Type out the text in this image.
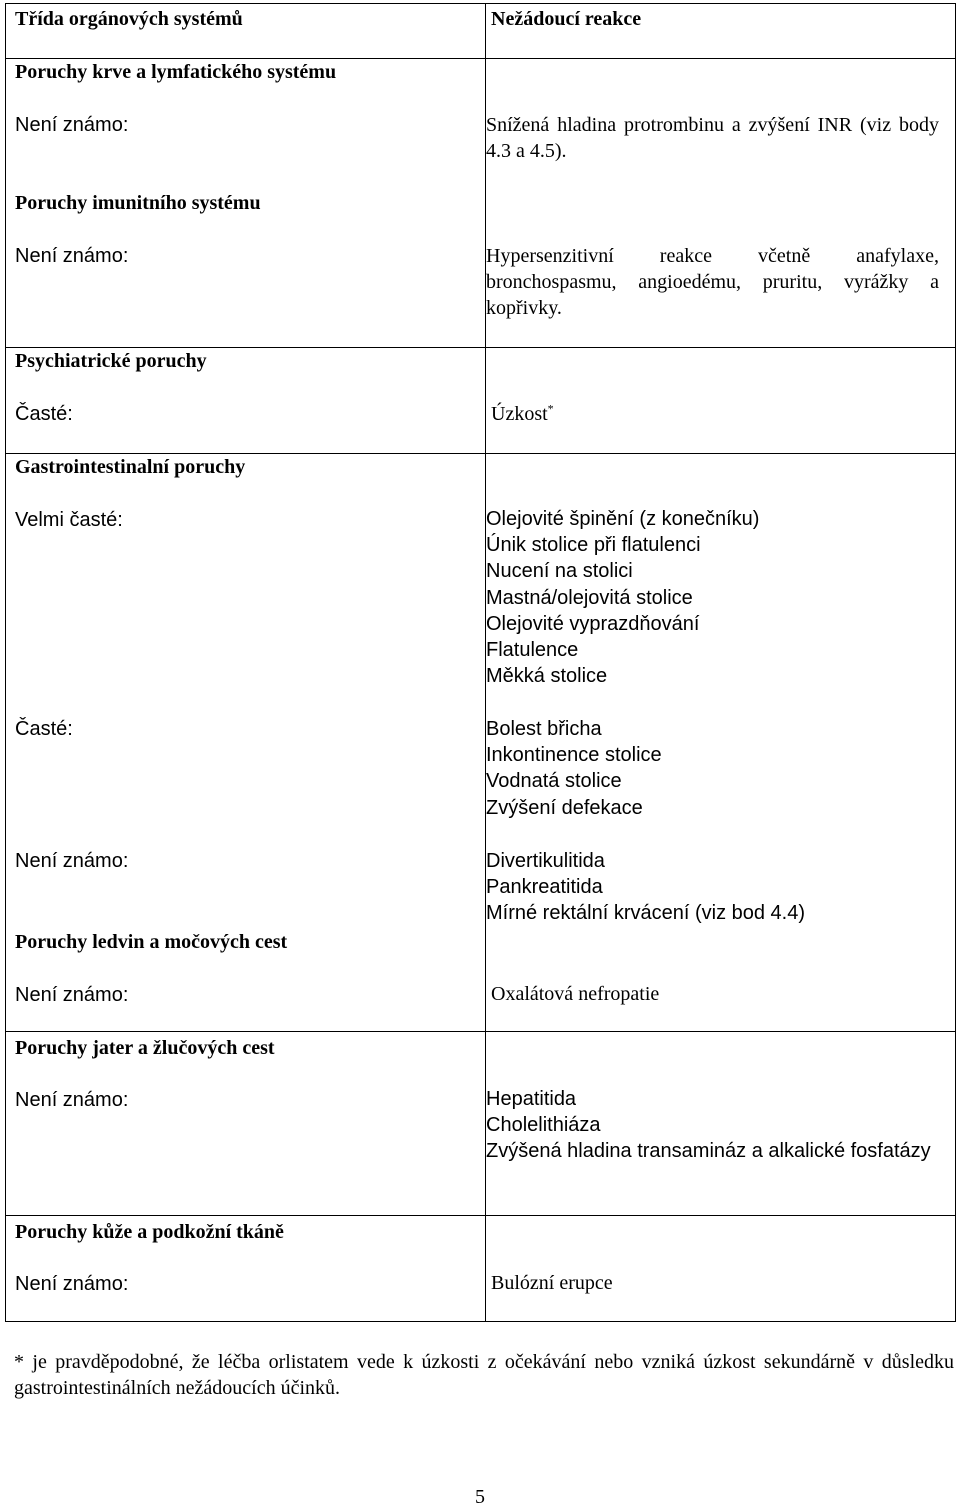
Třída orgánových systémů	Nežádoucí reakce
Poruchy krve a lymfatického systému
Není známo:	Snížená hladina protrombinu a zvýšení INR (viz body 4.3 a 4.5).
Poruchy imunitního systému
Není známo:	Hypersenzitivní reakce včetně anafylaxe, bronchospasmu, angioedému, pruritu, vyrážky a kopřivky.
Psychiatrické poruchy
Časté:	Úzkost*
Gastrointestinalní poruchy
Velmi časté:	Olejovité špinění (z konečníku)
Únik stolice při flatulenci
Nucení na stolici
Mastná/olejovitá stolice
Olejovité vyprazdňování
Flatulence
Měkká stolice
Časté:	Bolest břicha
Inkontinence stolice
Vodnatá stolice
Zvýšení defekace
Není známo:	Divertikulitida
Pankreatitida
Mírné rektální krvácení (viz bod 4.4)
Poruchy ledvin a močových cest
Není známo:	Oxalátová nefropatie
Poruchy jater a žlučových cest
Není známo:	Hepatitida
Cholelithiáza
Zvýšená hladina transamináz a alkalické fosfatázy
Poruchy kůže a podkožní tkáně
Není známo:	Bulózní erupce
* je pravděpodobné, že léčba orlistatem vede k úzkosti z očekávání nebo vzniká úzkost sekundárně v důsledku gastrointestinálních nežádoucích účinků.
5
